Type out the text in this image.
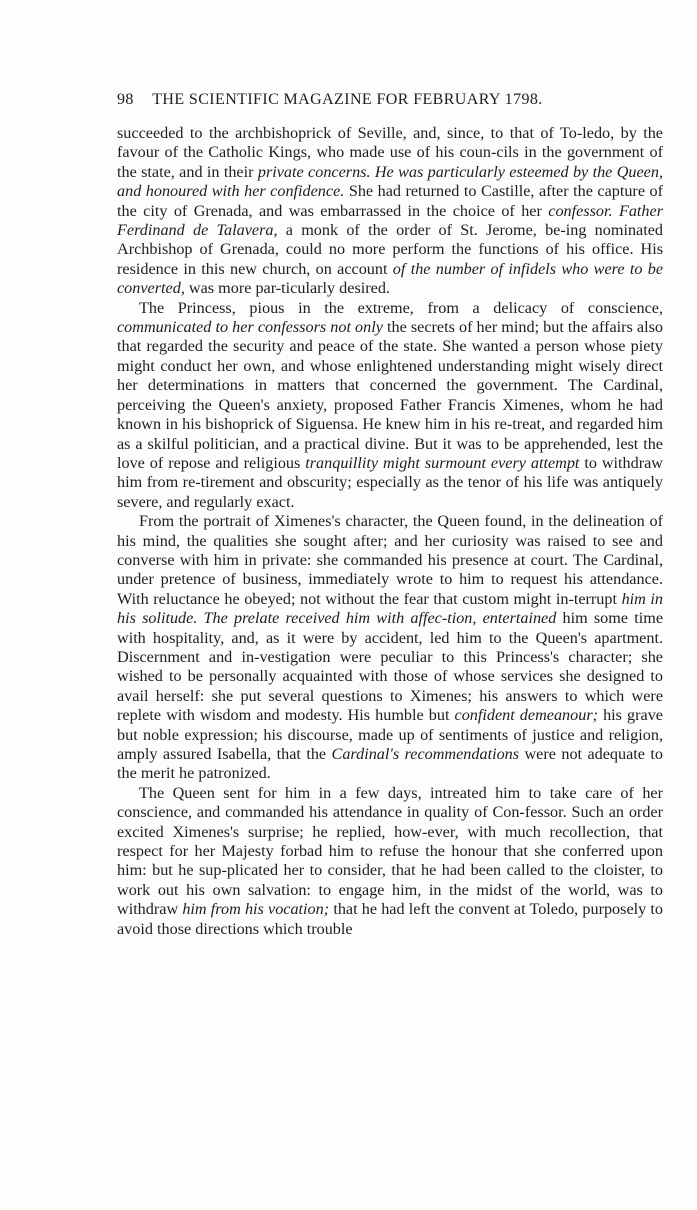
98 THE SCIENTIFIC MAGAZINE FOR FEBRUARY 1798.

succeeded to the archbishoprick of Seville, and, since, to that of To-ledo, by the favour of the Catholic Kings, who made use of his coun-cils in the government of the state, and in their private concerns. He was particularly esteemed by the Queen, and honoured with her confidence. She had returned to Castille, after the capture of the city of Grenada, and was embarrassed in the choice of her confessor. Father Ferdinand de Talavera, a monk of the order of St. Jerome, be-ing nominated Archbishop of Grenada, could no more perform the functions of his office. His residence in this new church, on account of the number of infidels who were to be converted, was more par-ticularly desired.

The Princess, pious in the extreme, from a delicacy of conscience, communicated to her confessors not only the secrets of her mind; but the affairs also that regarded the security and peace of the state. She wanted a person whose piety might conduct her own, and whose enlightened understanding might wisely direct her determinations in matters that concerned the government. The Cardinal, perceiving the Queen's anxiety, proposed Father Francis Ximenes, whom he had known in his bishoprick of Siguensa. He knew him in his re-treat, and regarded him as a skilful politician, and a practical divine. But it was to be apprehended, lest the love of repose and religious tranquillity might surmount every attempt to withdraw him from re-tirement and obscurity; especially as the tenor of his life was antiquely severe, and regularly exact.

From the portrait of Ximenes's character, the Queen found, in the delineation of his mind, the qualities she sought after; and her curiosity was raised to see and converse with him in private: she commanded his presence at court. The Cardinal, under pretence of business, immediately wrote to him to request his attendance. With reluctance he obeyed; not without the fear that custom might in-terrupt him in his solitude. The prelate received him with affec-tion, entertained him some time with hospitality, and, as it were by accident, led him to the Queen's apartment. Discernment and in-vestigation were peculiar to this Princess's character; she wished to be personally acquainted with those of whose services she designed to avail herself: she put several questions to Ximenes; his answers to which were replete with wisdom and modesty. His humble but confident demeanour; his grave but noble expression; his discourse, made up of sentiments of justice and religion, amply assured Isabella, that the Cardinal's recommendations were not adequate to the merit he patronized.

The Queen sent for him in a few days, intreated him to take care of her conscience, and commanded his attendance in quality of Con-fessor. Such an order excited Ximenes's surprise; he replied, how-ever, with much recollection, that respect for her Majesty forbad him to refuse the honour that she conferred upon him: but he sup-plicated her to consider, that he had been called to the cloister, to work out his own salvation: to engage him, in the midst of the world, was to withdraw him from his vocation; that he had left the convent at Toledo, purposely to avoid those directions which trouble
